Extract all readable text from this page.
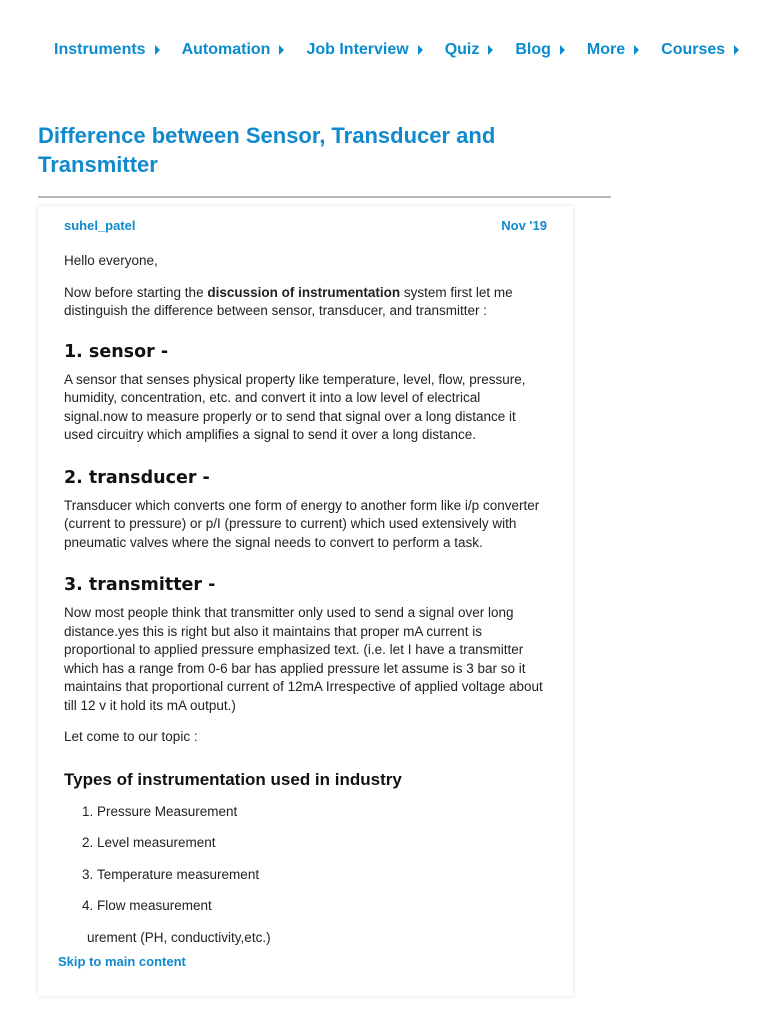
Instruments Automation Job Interview Quiz Blog More Courses
Difference between Sensor, Transducer and Transmitter
suhel_patel	Nov '19

Hello everyone,

Now before starting the discussion of instrumentation system first let me distinguish the difference between sensor, transducer, and transmitter :

1. sensor -

A sensor that senses physical property like temperature, level, flow, pressure, humidity, concentration, etc. and convert it into a low level of electrical signal.now to measure properly or to send that signal over a long distance it used circuitry which amplifies a signal to send it over a long distance.

2. transducer -

Transducer which converts one form of energy to another form like i/p converter (current to pressure) or p/I (pressure to current) which used extensively with pneumatic valves where the signal needs to convert to perform a task.

3. transmitter -

Now most people think that transmitter only used to send a signal over long distance.yes this is right but also it maintains that proper mA current is proportional to applied pressure emphasized text. (i.e. let I have a transmitter which has a range from 0-6 bar has applied pressure let assume is 3 bar so it maintains that proportional current of 12mA Irrespective of applied voltage about till 12 v it hold its mA output.)

Let come to our topic :

Types of instrumentation used in industry
1. Pressure Measurement
2. Level measurement
3. Temperature measurement
4. Flow measurement
urement (PH, conductivity,etc.)
Skip to main content
